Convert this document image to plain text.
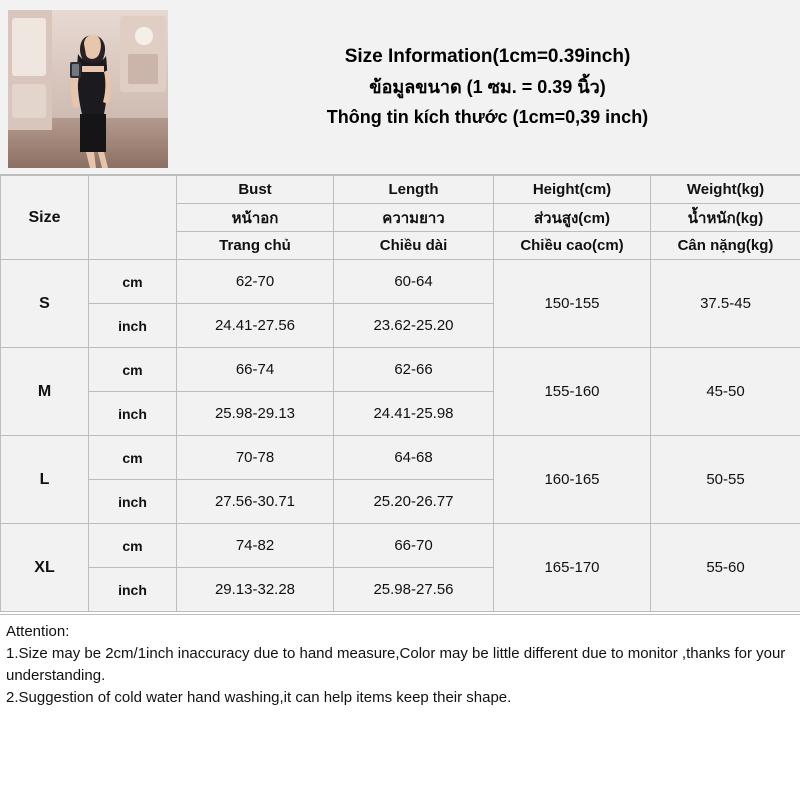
Size Information(1cm=0.39inch)
ข้อมูลขนาด (1 ซม. = 0.39 นิ้ว)
Thông tin kích thước (1cm=0,39 inch)
Size		Bust	Length	Height(cm)	Weight(kg)
		หน้าอก	ความยาว	ส่วนสูง(cm)	น้ำหนัก(kg)
		Trang chủ	Chiều dài	Chiều cao(cm)	Cân nặng(kg)
S	cm	62-70	60-64	150-155	37.5-45
	inch	24.41-27.56	23.62-25.20		
M	cm	66-74	62-66	155-160	45-50
	inch	25.98-29.13	24.41-25.98		
L	cm	70-78	64-68	160-165	50-55
	inch	27.56-30.71	25.20-26.77		
XL	cm	74-82	66-70	165-170	55-60
	inch	29.13-32.28	25.98-27.56		

Attention:

1.Size may be 2cm/1inch inaccuracy due to hand measure,Color may be little different due to monitor ,thanks for your understanding.

2.Suggestion of cold water hand washing,it can help items keep their shape.
